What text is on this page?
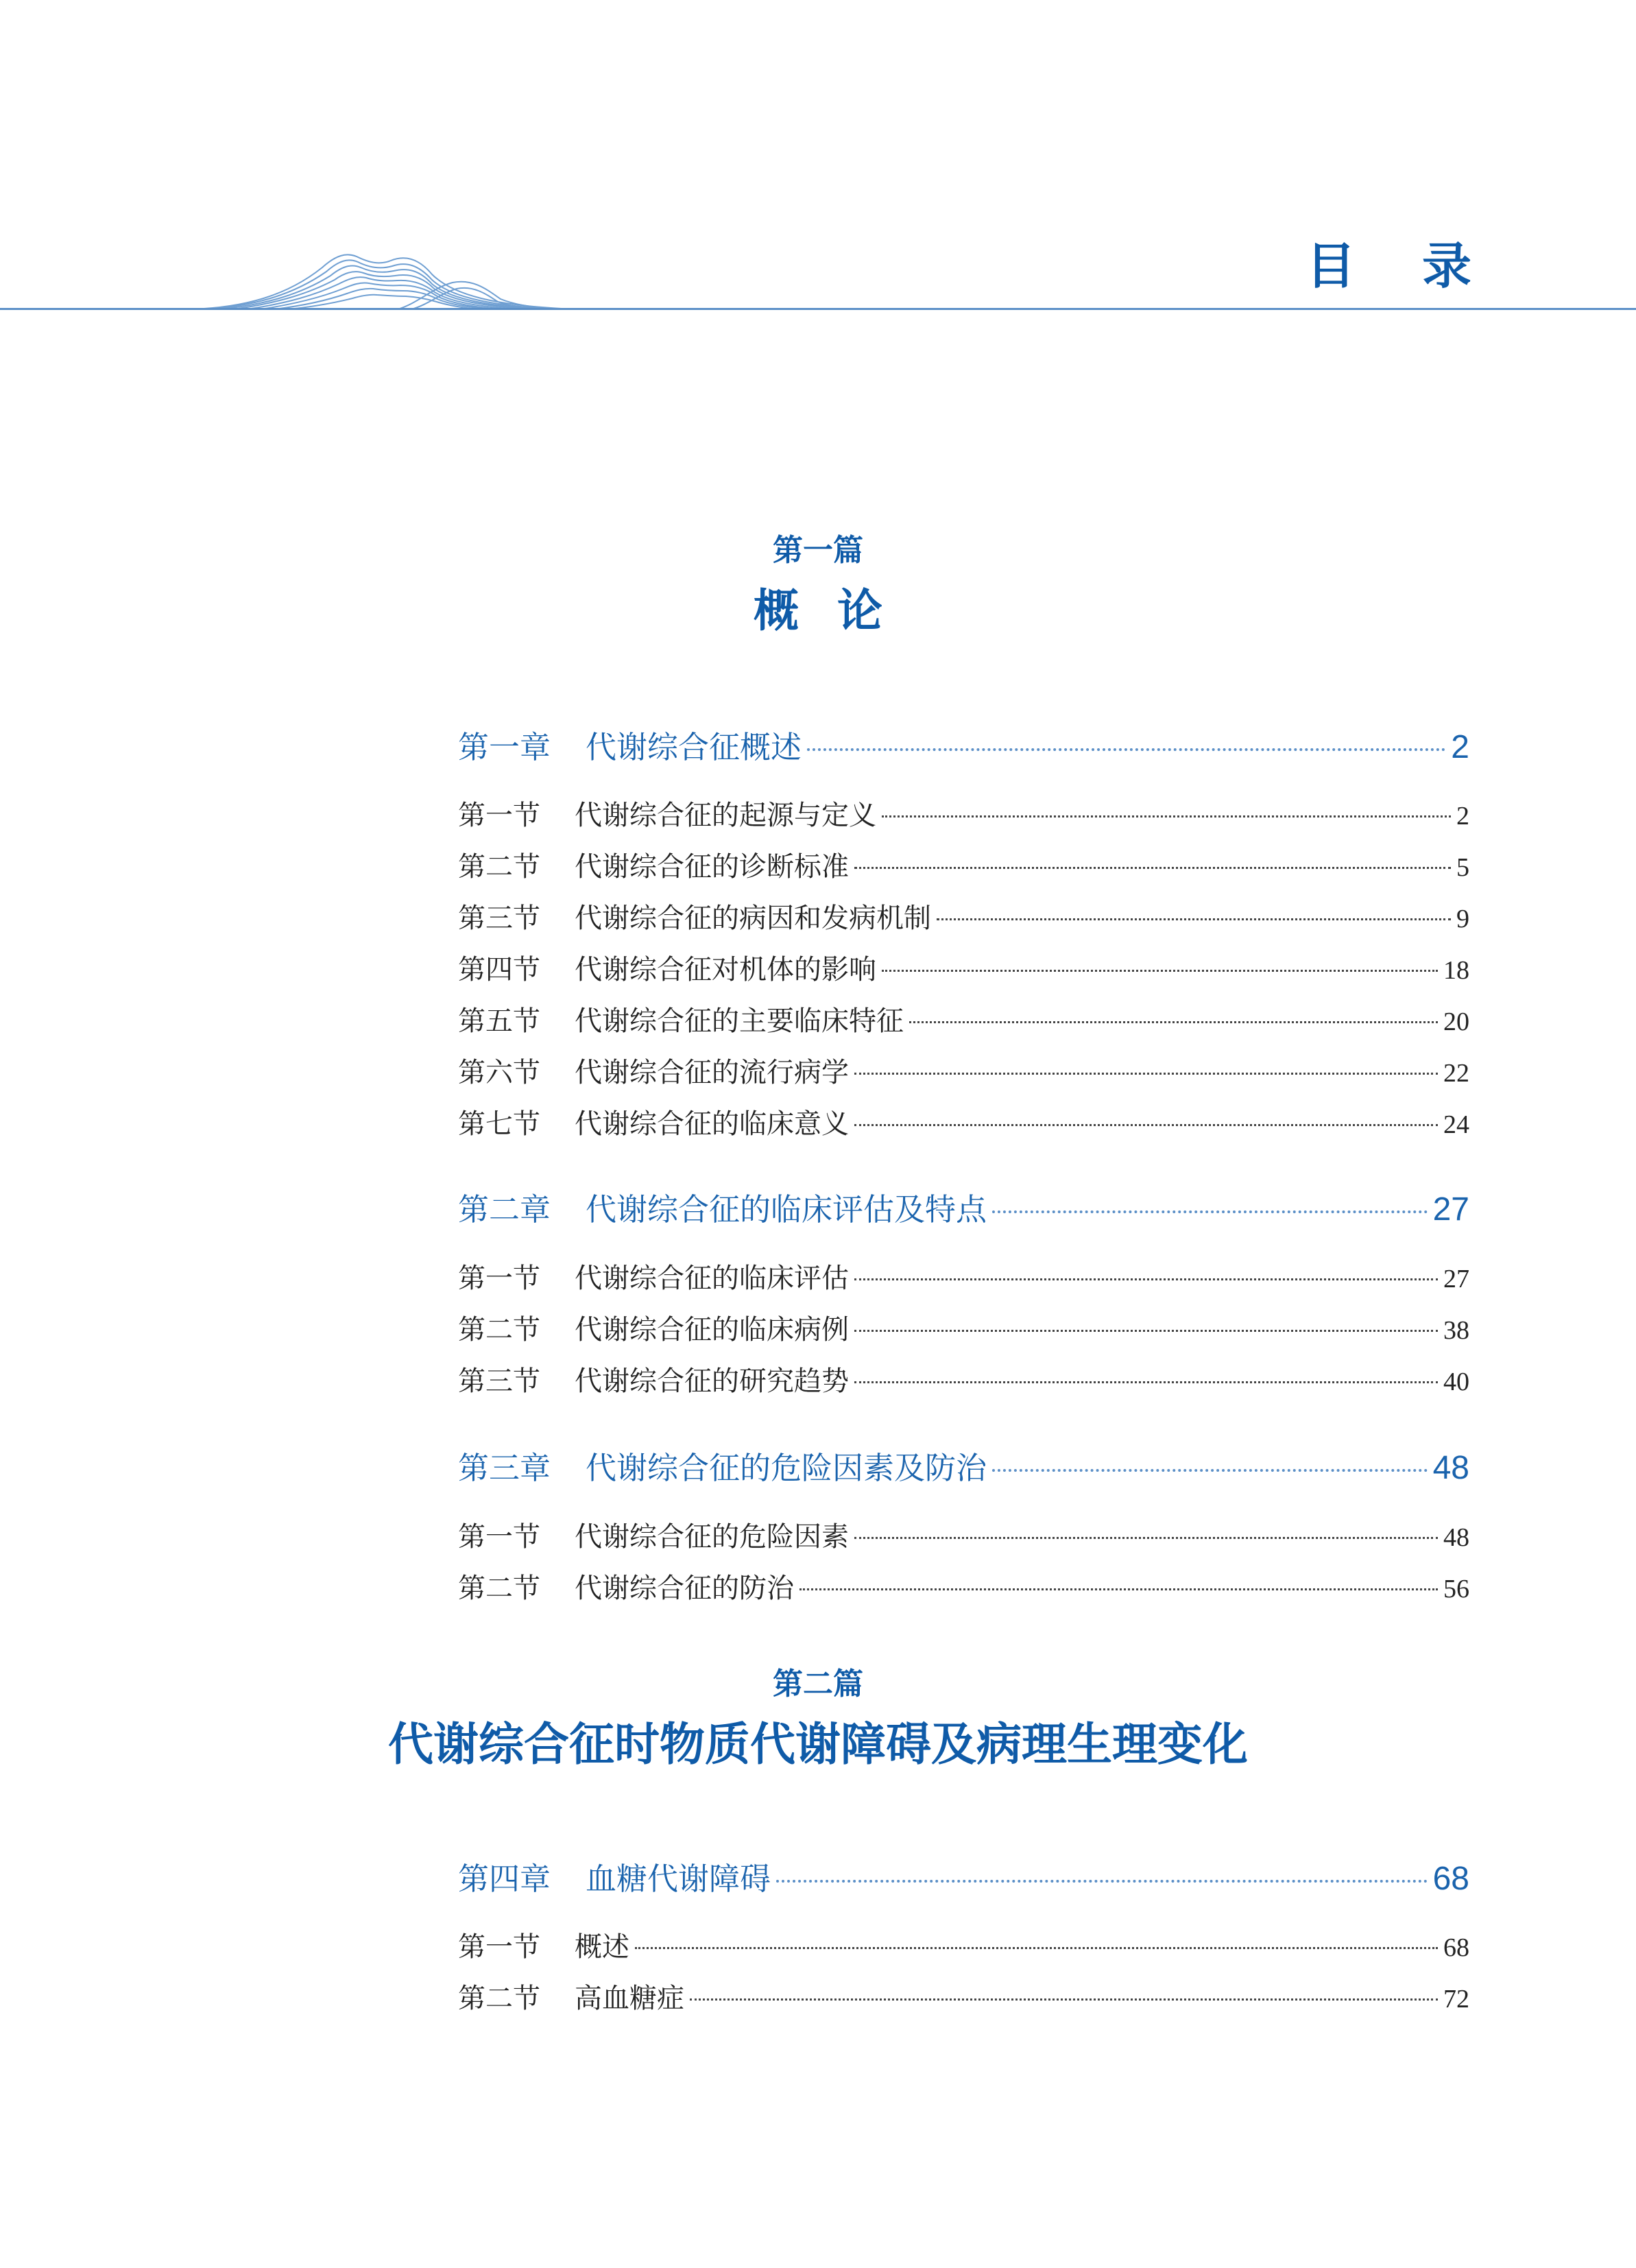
目 录
第一篇
概论
第一章	代谢综合征概述	2
第一节	代谢综合征的起源与定义	2
第二节	代谢综合征的诊断标准	5
第三节	代谢综合征的病因和发病机制	9
第四节	代谢综合征对机体的影响	18
第五节	代谢综合征的主要临床特征	20
第六节	代谢综合征的流行病学	22
第七节	代谢综合征的临床意义	24
第二章	代谢综合征的临床评估及特点	27
第一节	代谢综合征的临床评估	27
第二节	代谢综合征的临床病例	38
第三节	代谢综合征的研究趋势	40
第三章	代谢综合征的危险因素及防治	48
第一节	代谢综合征的危险因素	48
第二节	代谢综合征的防治	56
第二篇
代谢综合征时物质代谢障碍及病理生理变化
第四章	血糖代谢障碍	68
第一节	概述	68
第二节	高血糖症	72
